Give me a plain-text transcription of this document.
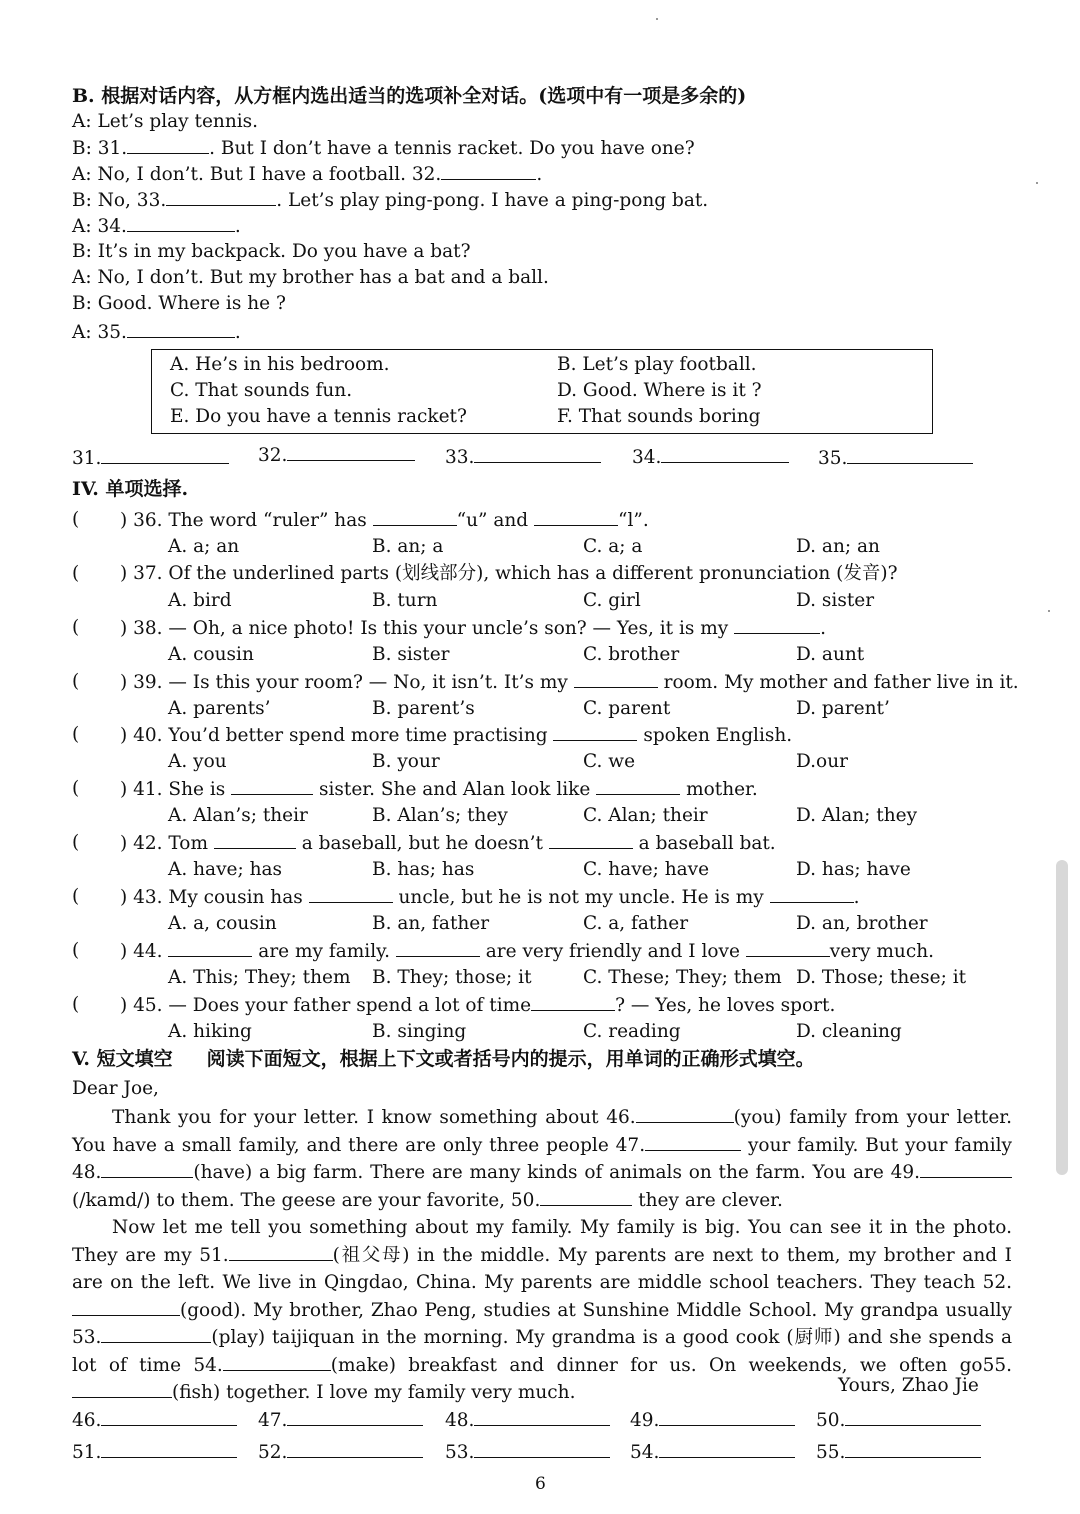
B. 根据对话内容，从方框内选出适当的选项补全对话。(选项中有一项是多余的)
A: Let’s play tennis.
B: 31.	. But I don’t have a tennis racket. Do you have one?
A: No, I don’t. But I have a football. 32.	.
B: No, 33.	. Let’s play ping-pong. I have a ping-pong bat.
A: 34.	.
B: It’s in my backpack. Do you have a bat?
A: No, I don’t. But my brother has a bat and a ball.
B: Good. Where is he ?
A: 35.	.
A. He’s in his bedroom.	B. Let’s play football.
C. That sounds fun.	D. Good. Where is it ?
E. Do you have a tennis racket?	F. That sounds boring
31.	32.	33.	34.	35.
IV. 单项选择.
( ) 36. The word “ruler” has	“u” and	“l”.
A. a; an	B. an; a	C. a; a	D. an; an
( ) 37. Of the underlined parts (划线部分), which has a different pronunciation (发音)?
A. bird	B. turn	C. girl	D. sister
( ) 38. — Oh, a nice photo! Is this your uncle’s son? — Yes, it is my	.
A. cousin	B. sister	C. brother	D. aunt
( ) 39. — Is this your room? — No, it isn’t. It’s my	room. My mother and father live in it.
A. parents’	B. parent’s	C. parent	D. parent’
( ) 40. You’d better spend more time practising	spoken English.
A. you	B. your	C. we	D.our
( ) 41. She is	sister. She and Alan look like	mother.
A. Alan’s; their	B. Alan’s; they	C. Alan; their	D. Alan; they
( ) 42. Tom	a baseball, but he doesn’t	a baseball bat.
A. have; has	B. has; has	C. have; have	D. has; have
( ) 43. My cousin has	uncle, but he is not my uncle. He is my	.
A. a, cousin	B. an, father	C. a, father	D. an, brother
( ) 44.	are my family.	are very friendly and I love	very much.
A. This; They; them B. They; those; it	C. These; They; them D. Those; these; it
( ) 45. — Does your father spend a lot of time	? — Yes, he loves sport.
A. hiking	B. singing	C. reading	D. cleaning
V. 短文填空 阅读下面短文，根据上下文或者括号内的提示，用单词的正确形式填空。
Dear Joe,
Thank you for your letter. I know something about 46.	(you) family from your letter. You have a small family, and there are only three people 47.	your family. But your family 48.	(have) a big farm. There are many kinds of animals on the farm. You are 49.(/kamd/) to them. The geese are your favorite, 50.	they are clever.
Now let me tell you something about my family. My family is big. You can see it in the photo. They are my 51.	(祖父母) in the middle. My parents are next to them, my brother and I are on the left. We live in Qingdao, China. My parents are middle school teachers. They teach 52.(good). My brother, Zhao Peng, studies at Sunshine Middle School. My grandpa usually 53.	(play) taijiquan in the morning. My grandma is a good cook (厨师) and she spends a lot of time 54.	(make) breakfast and dinner for us. On weekends, we often go55.(fish) together. I love my family very much.	Yours, Zhao Jie
46.	47.	48.	49.	50.
51.	52.	53.	54.	55.
6
